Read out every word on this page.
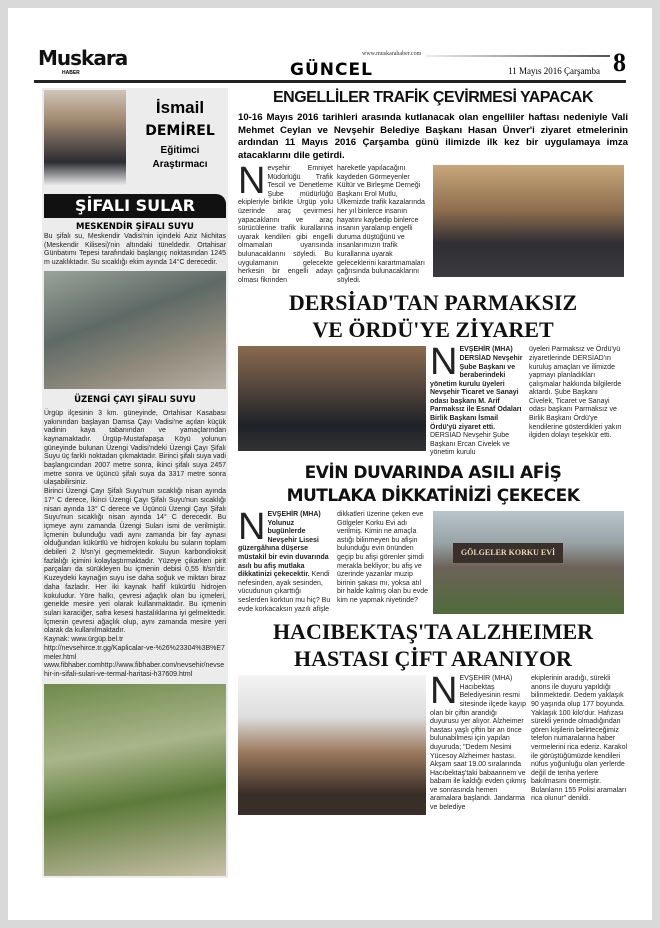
Muskara
HABER	GÜNCEL
www.muskarahaber.com
11 Mayıs 2016 Çarşamba 8
İsmail
DEMİREL
Eğitimci
Araştırmacı
ŞİFALI SULAR
MESKENDİR ŞİFALI SUYU
Bu şifalı su, Meskendir Vadisi'nin içindeki Aziz Nichitas (Meskendir Kilisesi)'nin altındaki tüneldedir. Ortahisar Günbatımı Tepesi tarafındaki başlangıç noktasından 1245 m uzaklıktadır. Su sıcaklığı ekim ayında 14°C derecedir.
ÜZENGİ ÇAYI ŞİFALI SUYU
Ürgüp ilçesinin 3 km. güneyinde, Ortahisar Kasabası yakınından başlayan Damsa Çayı Vadisi'ne açılan küçük vadinin kaya tabanından ve yamaçlarından kaynamaktadır. Ürgüp-Mustafapaşa Köyü yolunun güneyinde bulunan Üzengi Vadisi'ndeki Üzengi Çayı Şifalı Suyu üç farklı noktadan çıkmaktadır. Birinci şifalı suya vadi başlangıcından 2007 metre sonra, ikinci şifalı suya 2457 metre sonra ve üçüncü şifalı suya da 3317 metre sonra ulaşabilirsiniz.
Birinci Üzengi Çayı Şifalı Suyu'nun sıcaklığı nisan ayında 17° C derece, İkinci Üzengi Çayı Şifalı Suyu'nun sıcaklığı nisan ayında 13° C derece ve Üçüncü Üzengi Çayı Şifalı Suyu'nun sıcaklığı nisan ayında 14° C derecedir. Bu içmeye aynı zamanda Üzengi Suları ismi de verilmiştir. İçmenin bulunduğu vadi aynı zamanda bir fay aynası olduğundan kükürtlü ve hidrojen kokulu bu suların toplam debileri 2 lt/sn'yi geçmemektedir. Suyun karbondioksit fazlalığı içimini kolaylaştırmaktadır. Yüzeye çıkarken pirit parçaları da sürükleyen bu içmenin debisi 0,55 lt/sn'dir. Kuzeydeki kaynağın suyu ise daha soğuk ve miktarı biraz daha fazladır. Her iki kaynak hafif kükürtlü hidrojen kokuludur. Yöre halkı, çevresi ağaçlık olan bu içmeleri, genelde mesire yeri olarak kullanmaktadır. Bu içmenin suları karaciğer, safra kesesi hastalıklarına iyi gelmektedir. İçmenin çevresi ağaçlık olup, aynı zamanda mesire yeri olarak da kullanılmaktadır.
Kaynak: www.ürgüp.bel.tr
http://nevsehirce.tr.gg/Kaplicalar-ve-%26%23304%3B%E7meler.html
www.fibhaber.comhttp://www.fibhaber.com/nevsehir/nevsehir-in-sifali-sulari-ve-termal-haritasi-h37609.html
ENGELLİLER TRAFİK ÇEVİRMESİ YAPACAK
10-16 Mayıs 2016 tarihleri arasında kutlanacak olan engelliler haftası nedeniyle Vali Mehmet Ceylan ve Nevşehir Belediye Başkanı Hasan Ünver'i ziyaret etmelerinin ardından 11 Mayıs 2016 Çarşamba günü ilimizde ilk kez bir uygulamaya imza atacaklarını dile getirdi.
Nevşehir Emniyet Müdürlüğü Trafik Tescil ve Denetleme Şube müdürlüğü ekipleriyle birlikte Ürgüp yolu üzerinde araç çevirmesi yapacaklarını ve araç sürücülerine trafik kurallarına uyarak kendileri gibi engelli olmamaları uyarısında bulunacaklarını söyledi. Bu uygulamanın gelecekte herkesin bir engelli adayı olması fikrinden
hareketle yapılacağını kaydeden Görmeyenler Kültür ve Birleşme Derneği Başkanı Erol Mutlu, Ülkemizde trafik kazalarında her yıl binlerce insanın hayatını kaybedip binlerce insanın yaralanıp engelli duruma düştüğünü ve insanlarımızın trafik kurallarına uyarak geleceklerini karartmamaları çağrısında bulunacaklarını söyledi.
DERSİAD'TAN PARMAKSIZ
VE ÖRDÜ'YE ZİYARET
NEVŞEHİR (MHA) DERSİAD Nevşehir Şube Başkanı ve beraberindeki yönetim kurulu üyeleri Nevşehir Ticaret ve Sanayi odası başkanı M. Arif Parmaksız ile Esnaf Odaları Birlik Başkanı İsmail Ördü'yü ziyaret etti. DERSİAD Nevşehir Şube Başkanı Ercan Civelek ve yönetim kurulu
üyeleri Parmaksız ve Ördü'yü ziyaretlerinde DERSİAD'ın kuruluş amaçları ve ilimizde yapmayı planladıkları çalışmalar hakkında bilgilerde aktardı. Şube Başkanı Civelek, Ticaret ve Sanayi odası başkanı Parmaksız ve Birlik Başkanı Ördü'ye kendilerine gösterdikleri yakın ilgiden dolayı teşekkür etti.
EVİN DUVARINDA ASILI AFİŞ
MUTLAKA DİKKATİNİZİ ÇEKECEK
NEVŞEHİR (MHA) Yolunuz bugünlerde Nevşehir Lisesi güzergâhına düşerse müstakil bir evin duvarında asılı bu afiş mutlaka dikkatinizi çekecektir. Kendi nefesinden, ayak sesinden, vücudunun çıkarttığı seslerden korktun mu hiç? Bu evde korkacaksın yazılı afişle
dikkatleri üzerine çeken eve Gölgeler Korku Evi adı verilmiş. Kimin ne amaçla astığı bilinmeyen bu afişin bulunduğu evin önünden geçip bu afişi görenler şimdi merakla bekliyor; bu afiş ve üzerinde yazanlar muzip birinin şakası mı, yoksa atıl bir halde kalmış olan bu evde kim ne yapmak niyetinde?
GÖLGELER KORKU EVİ
HACIBEKTAŞ'TA ALZHEIMER
HASTASI ÇİFT ARANIYOR
NEVŞEHİR (MHA) Hacıbektaş Belediyesinin resmi sitesinde ilçede kayıp olan bir çiftin arandığı duyurusu yer alıyor. Alzheimer hastası yaşlı çiftin bir an önce bulunabilmesi için yapılan duyuruda; "Dedem Nesimi Yücesoy Alzheimer hastası. Akşam saat 19.00 sıralarında Hacıbektaş'taki babaannem ve babam ile kaldığı evden çıkmış ve sonrasında hemen aramalara başlandı. Jandarma ve belediye
ekiplerinin aradığı, sürekli anons ile duyuru yapıldığı bilinmektedir. Dedem yaklaşık 90 yaşında olup 177 boyunda. Yaklaşık 100 kilo'dur. Hafızası sürekli yerinde olmadığından gören kişilerin belirteceğimiz telefon numaralarına haber vermelerini rica ederiz. Karakol ile görüştüğümüzde kendileri nüfus yoğunluğu olan yerlerde değil de tenha yerlere bakılmasını önermiştir. Bulanların 155 Polisi aramaları rica olunur" denildi.
